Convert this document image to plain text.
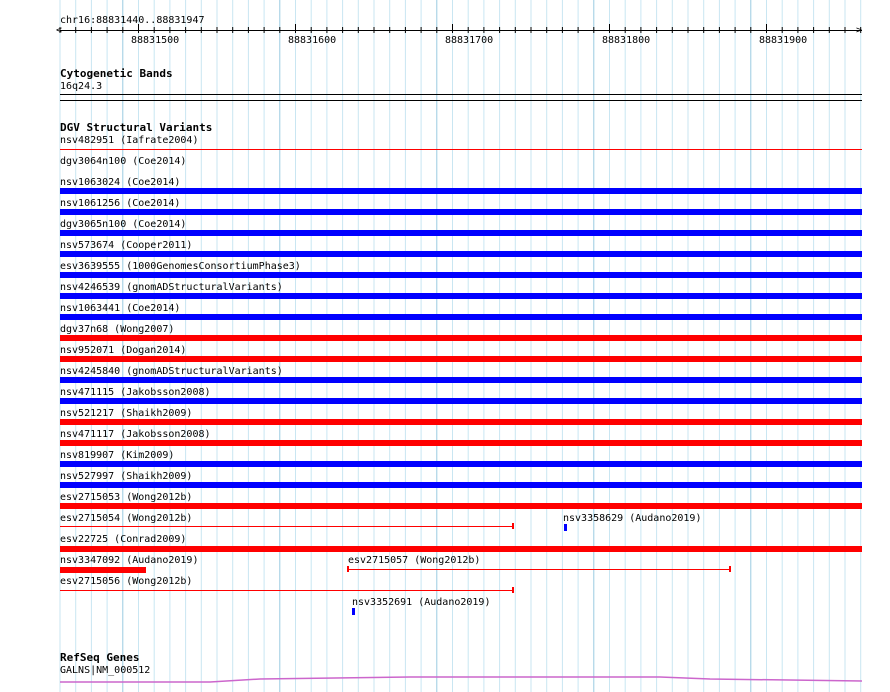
chr16:88831440..88831947
<	>
88831500	88831600	88831700	88831800	88831900
Cytogenetic Bands
16q24.3
DGV Structural Variants
nsv482951 (Iafrate2004)
dgv3064n100 (Coe2014)
nsv1063024 (Coe2014)
nsv1061256 (Coe2014)
dgv3065n100 (Coe2014)
nsv573674 (Cooper2011)
esv3639555 (1000GenomesConsortiumPhase3)
nsv4246539 (gnomADStructuralVariants)
nsv1063441 (Coe2014)
dgv37n68 (Wong2007)
nsv952071 (Dogan2014)
nsv4245840 (gnomADStructuralVariants)
nsv471115 (Jakobsson2008)
nsv521217 (Shaikh2009)
nsv471117 (Jakobsson2008)
nsv819907 (Kim2009)
nsv527997 (Shaikh2009)
esv2715053 (Wong2012b)
esv2715054 (Wong2012b)	nsv3358629 (Audano2019)
esv22725 (Conrad2009)
nsv3347092 (Audano2019)	esv2715057 (Wong2012b)
esv2715056 (Wong2012b)
nsv3352691 (Audano2019)
RefSeq Genes
GALNS|NM_000512
